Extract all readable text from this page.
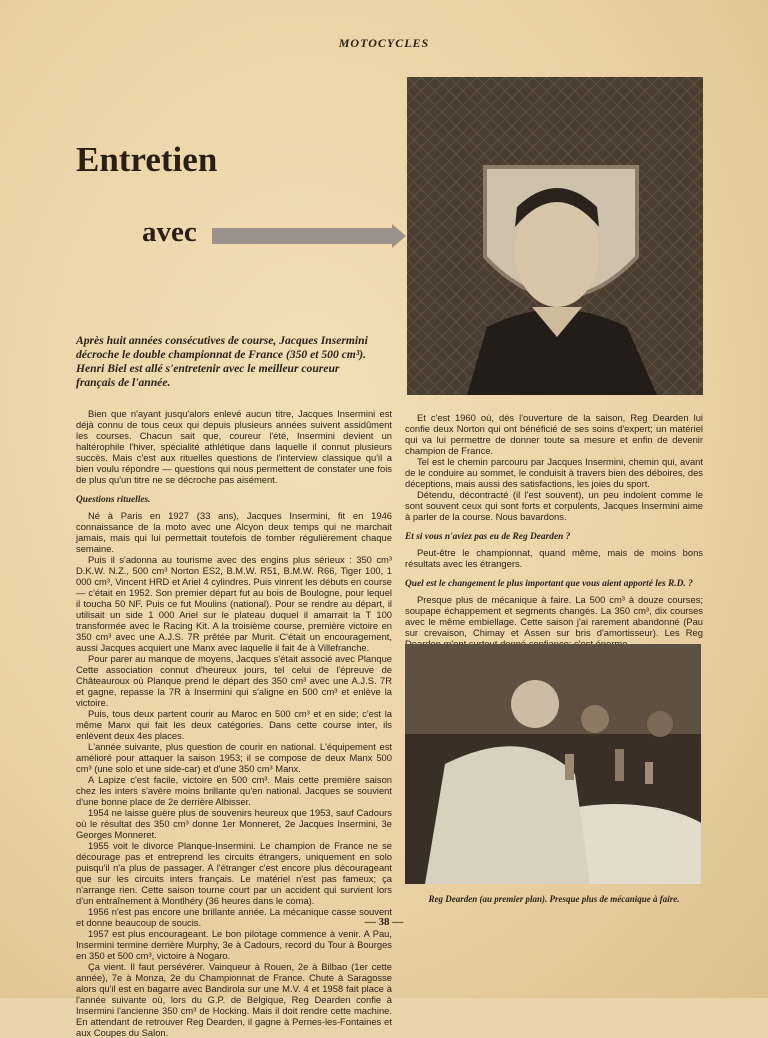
MOTOCYCLES
Entretien
avec
Après huit années consécutives de course, Jacques Insermini décroche le double championnat de France (350 et 500 cm³). Henri Biel est allé s'entretenir avec le meilleur coureur français de l'année.

Bien que n'ayant jusqu'alors enlevé aucun titre, Jacques Insermini est déjà connu de tous ceux qui depuis plusieurs années suivent assidûment les courses. Chacun sait que, coureur l'été, Insermini devient un haltérophile l'hiver, spécialité athlétique dans laquelle il connut plusieurs succès. Mais c'est aux rituelles questions de l'interview classique qu'il a bien voulu répondre — questions qui nous permettent de constater une fois de plus qu'un titre ne se décroche pas aisément.

Questions rituelles.

Né à Paris en 1927 (33 ans), Jacques Insermini, fit en 1946 connaissance de la moto avec une Alcyon deux temps qui ne marchait jamais, mais qui lui permettait toutefois de tomber régulièrement chaque semaine.

Puis il s'adonna au tourisme avec des engins plus sérieux : 350 cm³ D.K.W. N.Z., 500 cm³ Norton ES2, B.M.W. R51, B.M.W. R66, Tiger 100, 1 000 cm³, Vincent HRD et Ariel 4 cylindres. Puis vinrent les débuts en course — c'était en 1952. Son premier départ fut au bois de Boulogne, pour lequel il toucha 50 NF. Puis ce fut Moulins (national). Pour se rendre au départ, il utilisait un side 1 000 Ariel sur le plateau duquel il amarrait la T 100 transformée avec le Racing Kit. A la troisième course, première victoire en 350 cm³ avec une A.J.S. 7R prêtée par Murit. C'était un encouragement, aussi Jacques acquiert une Manx avec laquelle il fait 4e à Villefranche.

Pour parer au manque de moyens, Jacques s'était associé avec Planque Cette association connut d'heureux jours, tel celui de l'épreuve de Châteauroux où Planque prend le départ des 350 cm³ avec une A.J.S. 7R et gagne, repasse la 7R à Insermini qui s'aligne en 500 cm³ et enlève la victoire.

Puis, tous deux partent courir au Maroc en 500 cm³ et en side; c'est la même Manx qui fait les deux catégories. Dans cette course inter, ils enlèvent deux 4es places.

L'année suivante, plus question de courir en national. L'équipement est amélioré pour attaquer la saison 1953; il se compose de deux Manx 500 cm³ (une solo et une side-car) et d'une 350 cm³ Manx.

A Lapize c'est facile, victoire en 500 cm³. Mais cette première saison chez les inters s'avère moins brillante qu'en national. Jacques se souvient d'une bonne place de 2e derrière Albisser.

1954 ne laisse guère plus de souvenirs heureux que 1953, sauf Cadours où le résultat des 350 cm³ donne 1er Monneret, 2e Jacques Insermini, 3e Georges Monneret.

1955 voit le divorce Planque-Insermini. Le champion de France ne se décourage pas et entreprend les circuits étrangers, uniquement en solo puisqu'il n'a plus de passager. A l'étranger c'est encore plus décourageant que sur les circuits inters français. Le matériel n'est pas fameux; ça n'arrange rien. Cette saison tourne court par un accident qui survient lors d'un entraînement à Montlhéry (36 heures dans le coma).

1956 n'est pas encore une brillante année. La mécanique casse souvent et donne beaucoup de soucis.

1957 est plus encourageant. Le bon pilotage commence à venir. A Pau, Insermini termine derrière Murphy, 3e à Cadours, record du Tour à Bourges en 350 et 500 cm³, victoire à Nogaro.

Ça vient. Il faut persévérer. Vainqueur à Rouen, 2e à Bilbao (1er cette année), 7e à Monza, 2e du Championnat de France. Chute à Saragosse alors qu'il est en bagarre avec Bandirola sur une M.V. 4 et 1958 fait place à l'année suivante où, lors du G.P. de Belgique, Reg Dearden confie à Insermini l'ancienne 350 cm³ de Hocking. Mais il doit rendre cette machine. En attendant de retrouver Reg Dearden, il gagne à Pernes-les-Fontaines et aux Coupes du Salon.

Et c'est 1960 où, dès l'ouverture de la saison, Reg Dearden lui confie deux Norton qui ont bénéficié de ses soins d'expert; un matériel qui va lui permettre de donner toute sa mesure et enfin de devenir champion de France.

Tel est le chemin parcouru par Jacques Insermini, chemin qui, avant de le conduire au sommet, le conduisit à travers bien des déboires, des déceptions, mais aussi des satisfactions, les joies du sport.

Détendu, décontracté (il l'est souvent), un peu indolent comme le sont souvent ceux qui sont forts et corpulents, Jacques Insermini aime à parler de la course. Nous bavardons.

Et si vous n'aviez pas eu de Reg Dearden ?

Peut-être le championnat, quand même, mais de moins bons résultats avec les étrangers.

Quel est le changement le plus important que vous aient apporté les R.D. ?

Presque plus de mécanique à faire. La 500 cm³ à douze courses; soupape échappement et segments changés. La 350 cm³, dix courses avec le même embiellage. Cette saison j'ai rarement abandonné (Pau sur crevaison, Chimay et Assen sur bris d'amortisseur). Les Reg

Reg Dearden (au premier plan). Presque plus de mécanique à faire.
— 38 —
